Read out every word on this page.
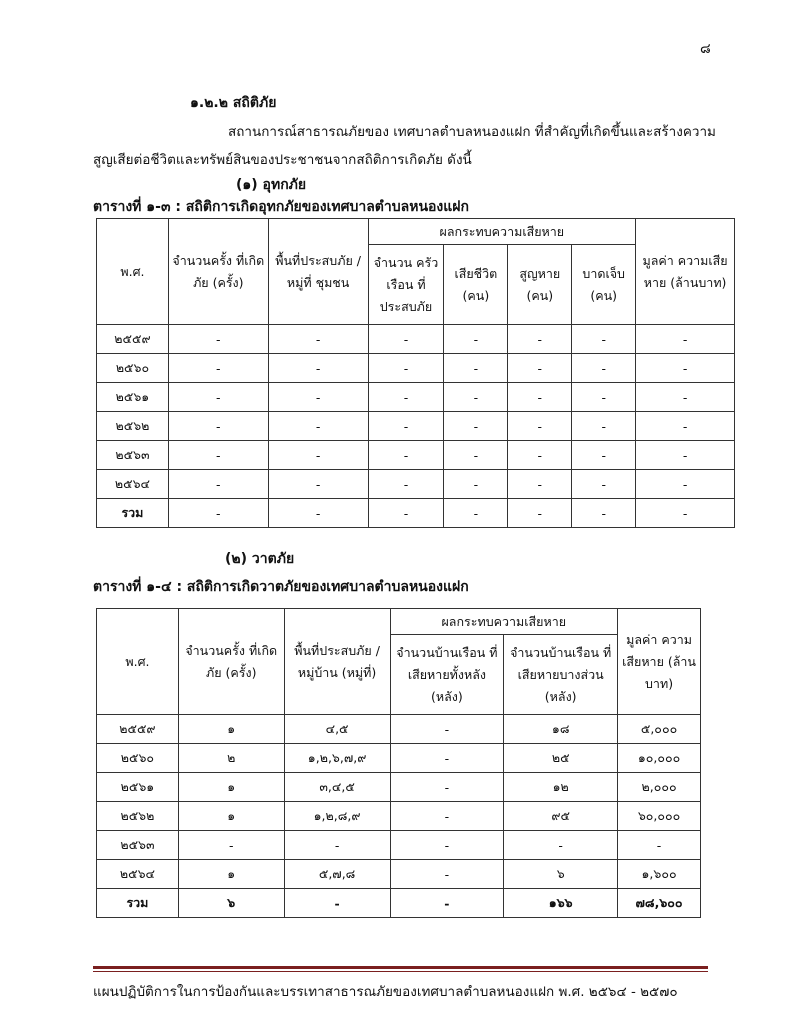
๘
๑.๒.๒ สถิติภัย
สถานการณ์สาธารณภัยของ เทศบาลตำบลหนองแฝก ที่สำคัญที่เกิดขึ้นและสร้างความ
สูญเสียต่อชีวิตและทรัพย์สินของประชาชนจากสถิติการเกิดภัย ดังนี้
(๑) อุทกภัย
ตารางที่ ๑-๓ : สถิติการเกิดอุทกภัยของเทศบาลตำบลหนองแฝก
พ.ศ.	จำนวนครั้ง ที่เกิดภัย (ครั้ง)	พื้นที่ประสบภัย / หมู่ที่ ชุมชน	ผลกระทบความเสียหาย				มูลค่า ความเสียหาย (ล้านบาท)
			จำนวน ครัวเรือน ที่ประสบภัย	เสียชีวิต (คน)	สูญหาย (คน)	บาดเจ็บ (คน)	
๒๕๕๙	-	-	-	-	-	-	-
๒๕๖๐	-	-	-	-	-	-	-
๒๕๖๑	-	-	-	-	-	-	-
๒๕๖๒	-	-	-	-	-	-	-
๒๕๖๓	-	-	-	-	-	-	-
๒๕๖๔	-	-	-	-	-	-	-
รวม	-	-	-	-	-	-	-
(๒) วาตภัย
ตารางที่ ๑-๔ : สถิติการเกิดวาตภัยของเทศบาลตำบลหนองแฝก
พ.ศ.	จำนวนครั้ง ที่เกิดภัย (ครั้ง)	พื้นที่ประสบภัย / หมู่บ้าน (หมู่ที่)	ผลกระทบความเสียหาย		มูลค่า ความเสียหาย (ล้านบาท)
			จำนวนบ้านเรือน ที่เสียหายทั้งหลัง (หลัง)	จำนวนบ้านเรือน ที่เสียหายบางส่วน (หลัง)	
๒๕๕๙	๑	๔,๕	-	๑๘	๕,๐๐๐
๒๕๖๐	๒	๑,๒,๖,๗,๙	-	๒๕	๑๐,๐๐๐
๒๕๖๑	๑	๓,๔,๕	-	๑๒	๒,๐๐๐
๒๕๖๒	๑	๑,๒,๘,๙	-	๙๕	๖๐,๐๐๐
๒๕๖๓	-	-	-	-	-
๒๕๖๔	๑	๕,๗,๘	-	๖	๑,๖๐๐
รวม	๖	-	-	๑๖๖	๗๘,๖๐๐
แผนปฏิบัติการในการป้องกันและบรรเทาสาธารณภัยของเทศบาลตำบลหนองแฝก พ.ศ. ๒๕๖๔ - ๒๕๗๐
